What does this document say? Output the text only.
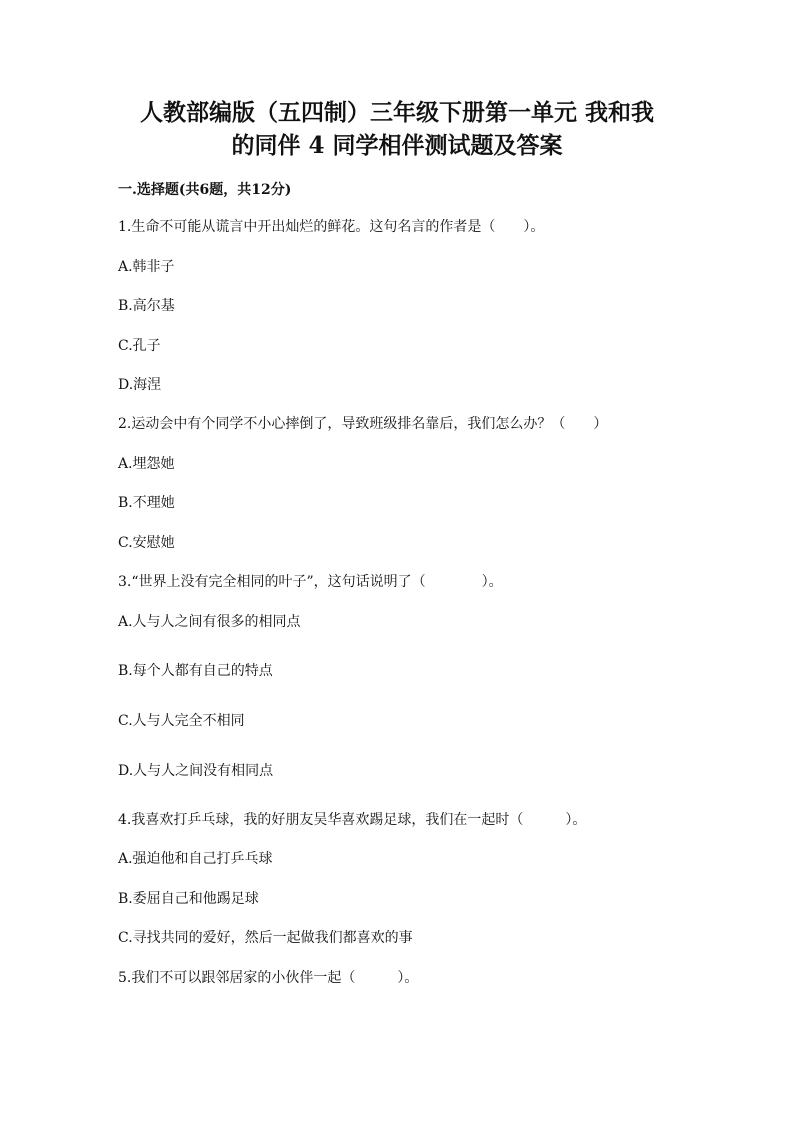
人教部编版（五四制）三年级下册第一单元 我和我
的同伴 4 同学相伴测试题及答案
一.选择题(共6题，共12分)

1.生命不可能从谎言中开出灿烂的鲜花。这句名言的作者是（　　）。

A.韩非子

B.高尔基

C.孔子

D.海涅

2.运动会中有个同学不小心摔倒了，导致班级排名靠后，我们怎么办？（　　）

A.埋怨她

B.不理她

C.安慰她

3.“世界上没有完全相同的叶子”，这句话说明了（　　　　）。

A.人与人之间有很多的相同点

B.每个人都有自己的特点

C.人与人完全不相同

D.人与人之间没有相同点

4.我喜欢打乒乓球，我的好朋友吴华喜欢踢足球，我们在一起时（　　　）。

A.强迫他和自己打乒乓球

B.委屈自己和他踢足球

C.寻找共同的爱好，然后一起做我们都喜欢的事

5.我们不可以跟邻居家的小伙伴一起（　　　）。
